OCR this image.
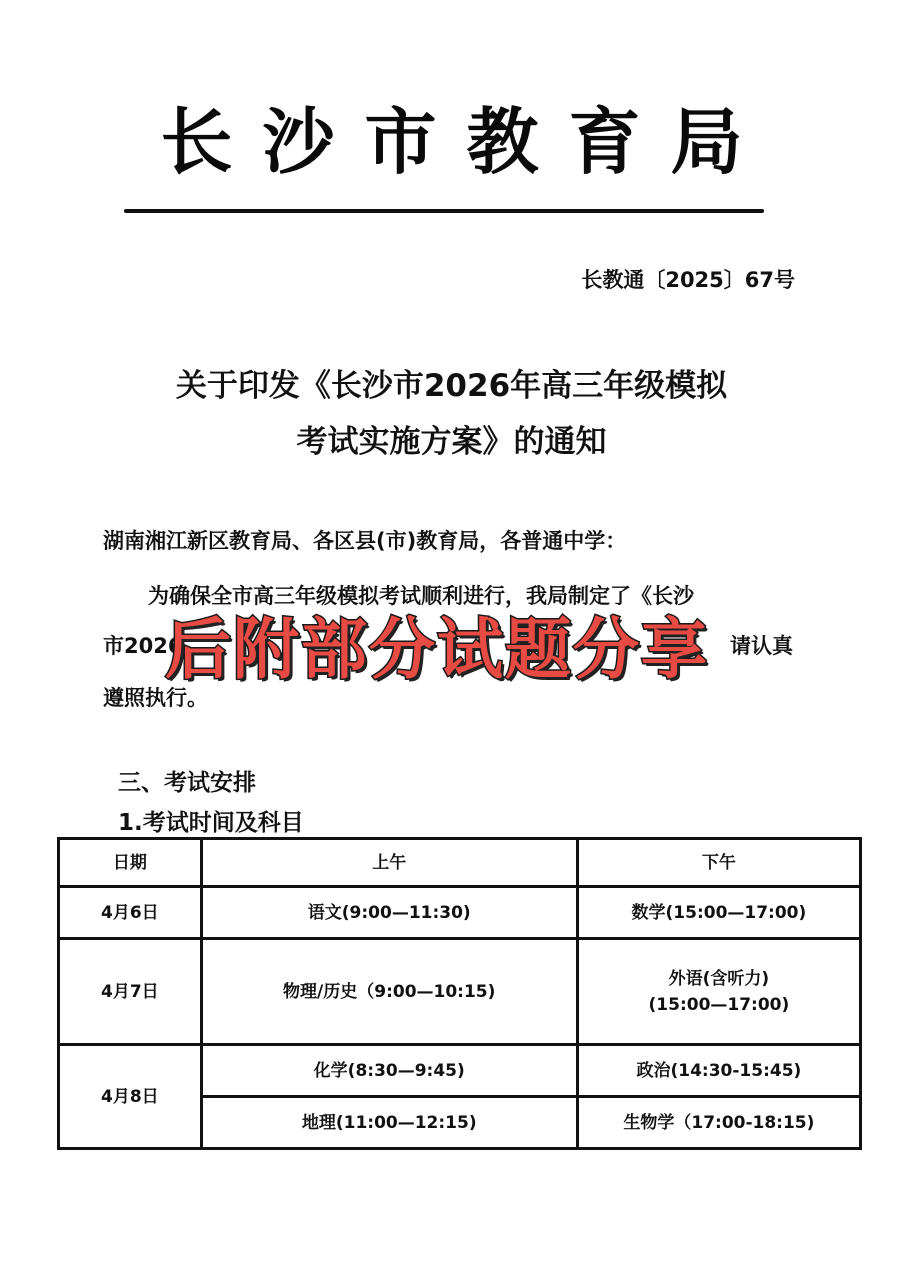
长沙市教育局
长教通〔2025〕67号
关于印发《长沙市2026年高三年级模拟
考试实施方案》的通知
湖南湘江新区教育局、各区县(市)教育局，各普通中学：
为确保全市高三年级模拟考试顺利进行，我局制定了《长沙
市2026	请认真
遵照执行。
后附部分试题分享
三、考试安排
1.考试时间及科目
日期	上午	下午
4月6日	语文(9:00—11:30)	数学(15:00—17:00)
4月7日	物理/历史（9:00—10:15)	外语(含听力)
(15:00—17:00)

4月8日	化学(8:30—9:45)	政治(14:30-15:45)
	地理(11:00—12:15)	生物学（17:00-18:15)
